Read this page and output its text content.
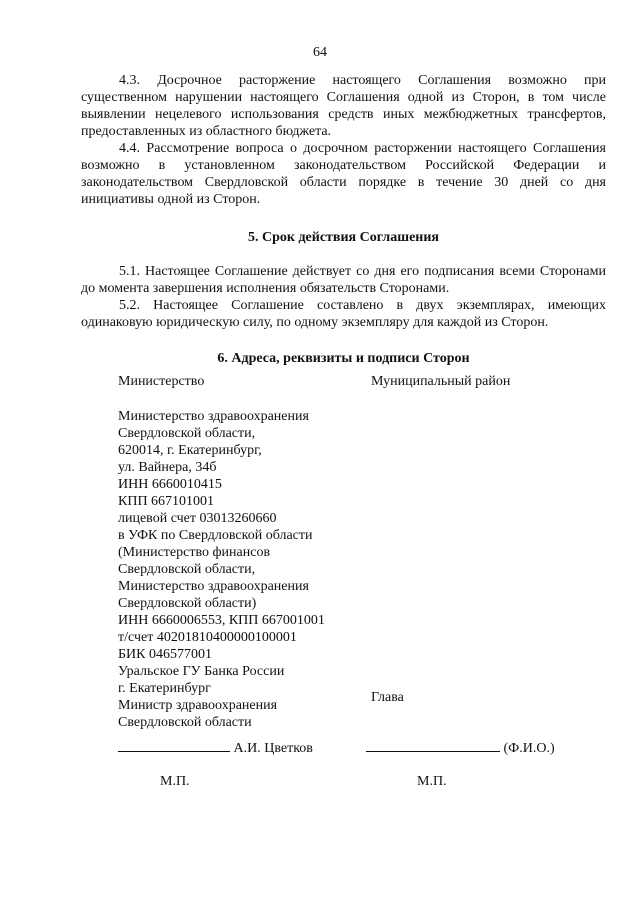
64

4.3. Досрочное расторжение настоящего Соглашения возможно при существенном нарушении настоящего Соглашения одной из Сторон, в том числе выявлении нецелевого использования средств иных межбюджетных трансфертов, предоставленных из областного бюджета.

4.4. Рассмотрение вопроса о досрочном расторжении настоящего Соглашения возможно в установленном законодательством Российской Федерации и законодательством Свердловской области порядке в течение 30 дней со дня инициативы одной из Сторон.

5. Срок действия Соглашения

5.1. Настоящее Соглашение действует со дня его подписания всеми Сторонами до момента завершения исполнения обязательств Сторонами.

5.2. Настоящее Соглашение составлено в двух экземплярах, имеющих одинаковую юридическую силу, по одному экземпляру для каждой из Сторон.

6. Адреса, реквизиты и подписи Сторон

Министерство
Министерство здравоохранения
Свердловской области,
620014, г. Екатеринбург,
ул. Вайнера, 34б
ИНН 6660010415
КПП 667101001
лицевой счет 03013260660
в УФК по Свердловской области
(Министерство финансов
Свердловской области,
Министерство здравоохранения
Свердловской области)
ИНН 6660006553, КПП 667001001
т/счет 40201810400000100001
БИК 046577001
Уральское ГУ Банка России
г. Екатеринбург
Министр здравоохранения
Свердловской области
Муниципальный район
Глава
А.И. Цветков	(Ф.И.О.)
М.П.	М.П.
